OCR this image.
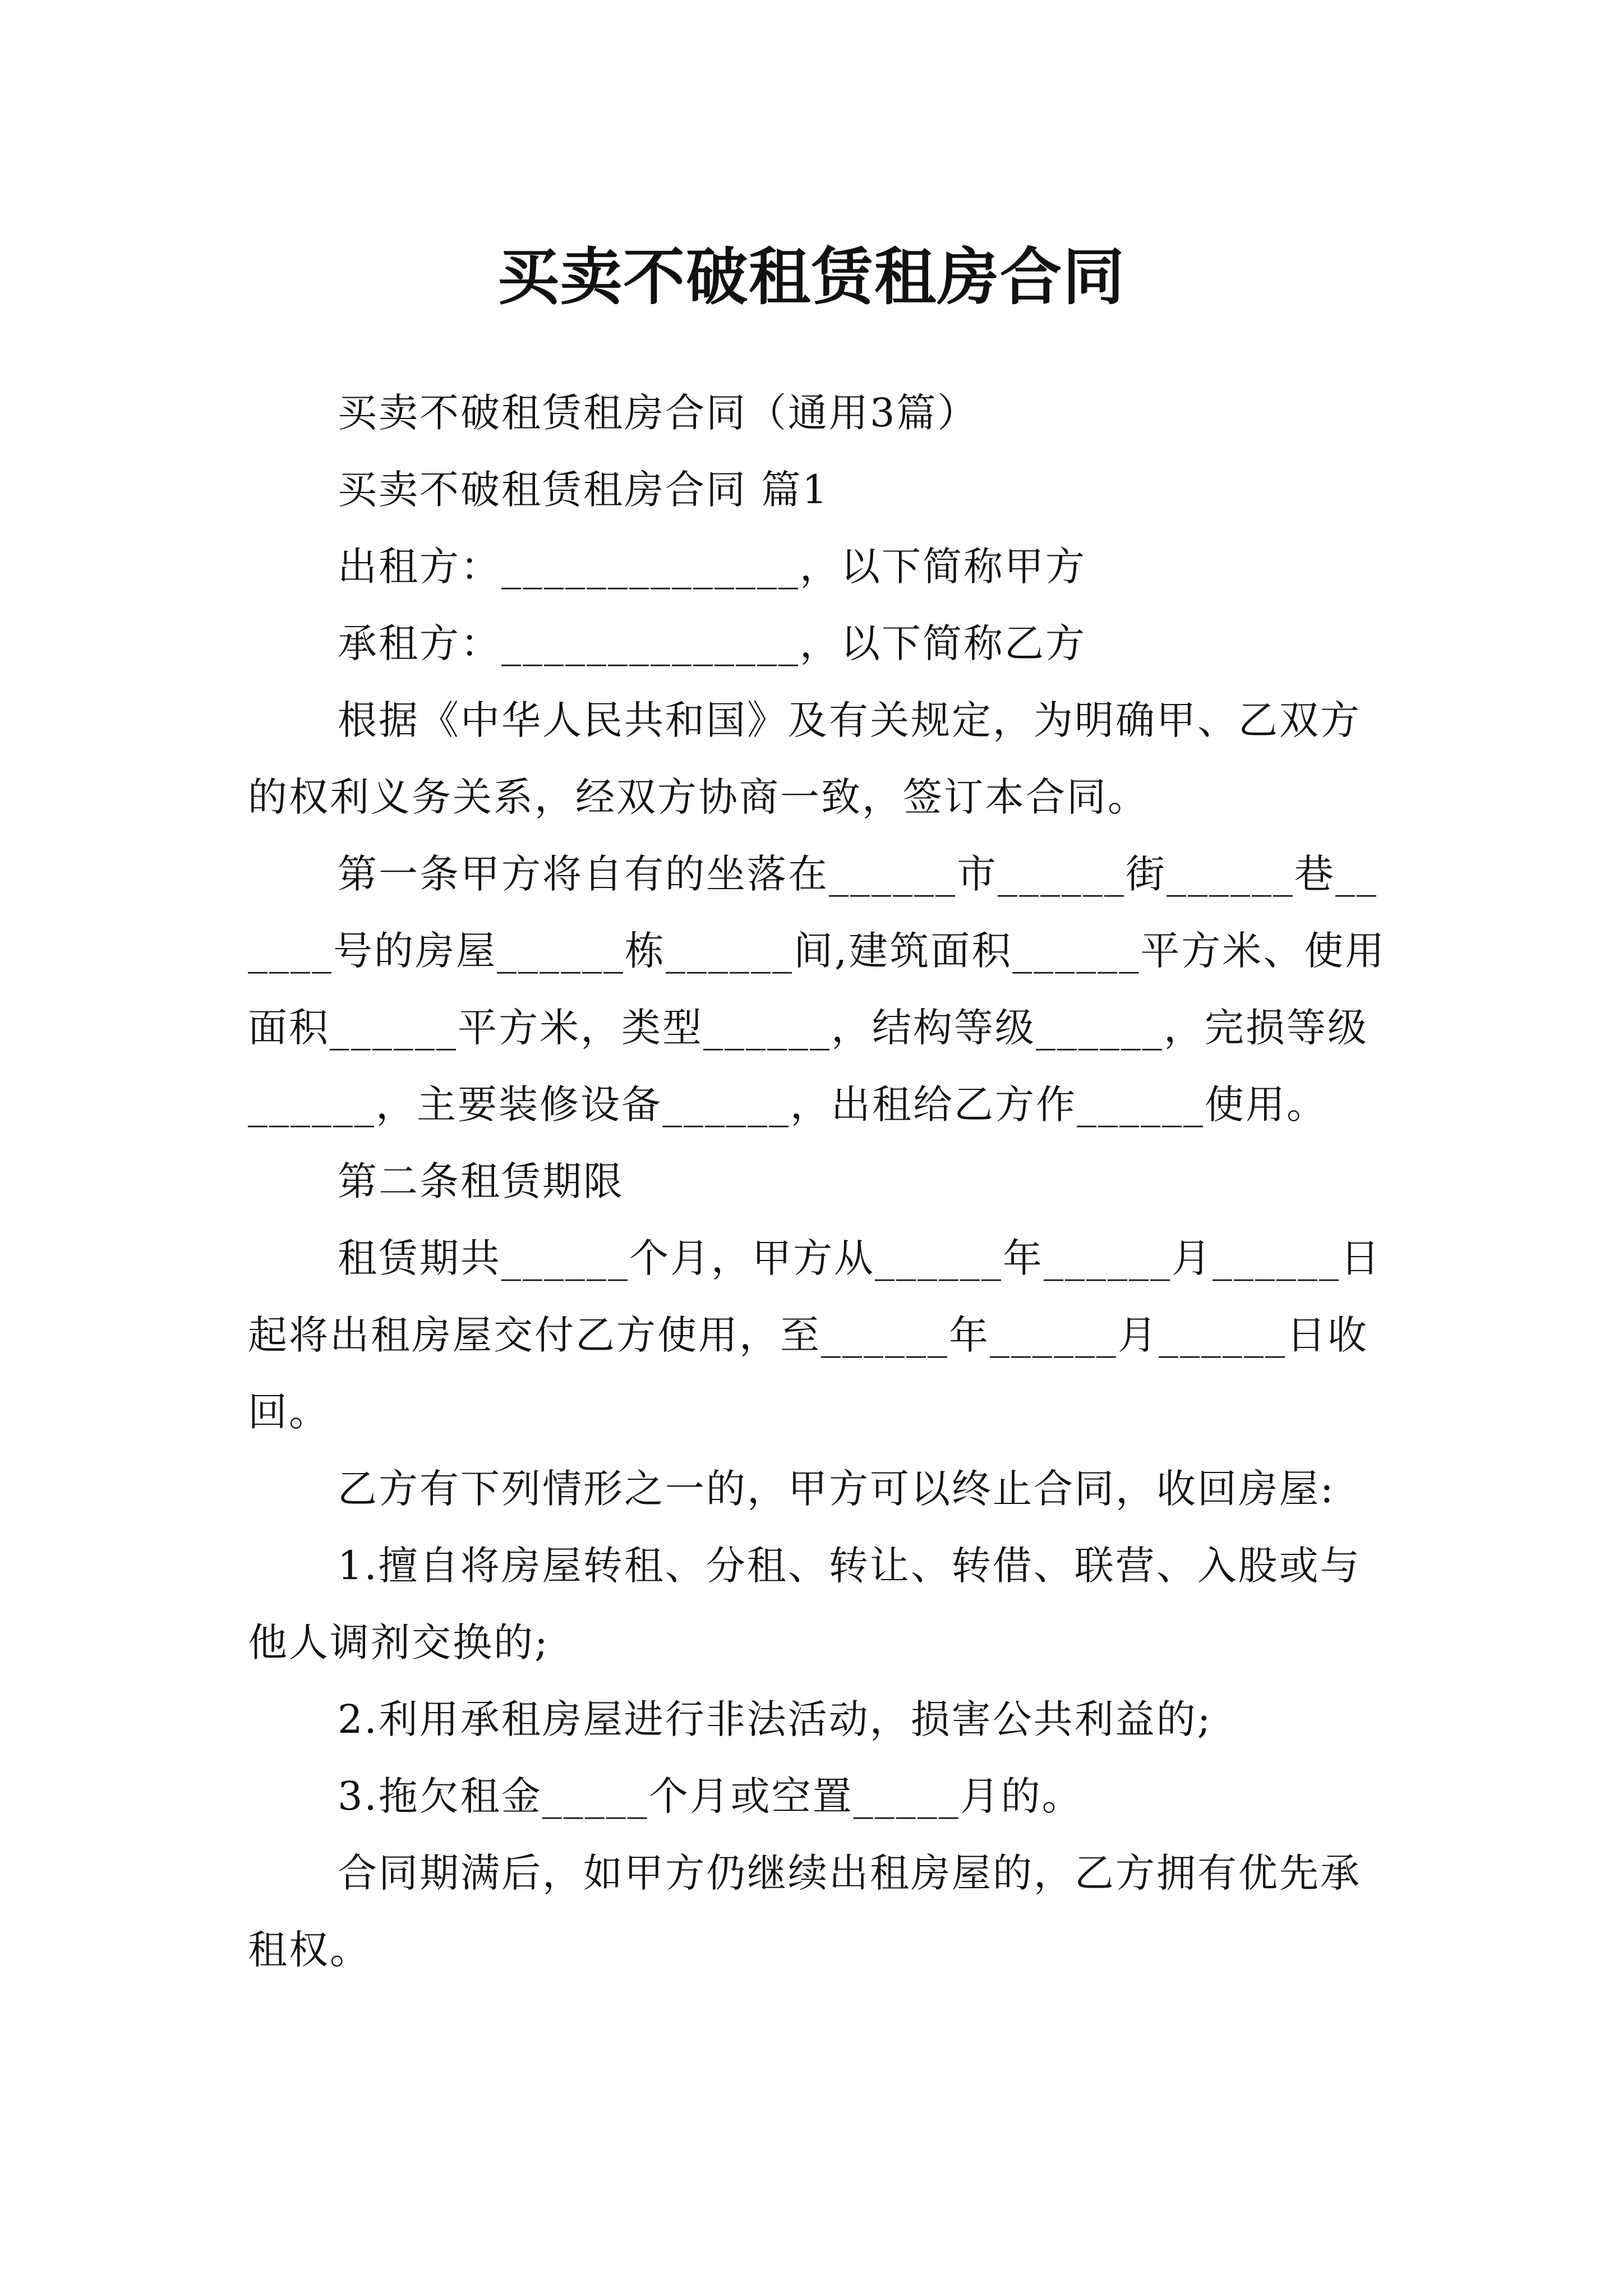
买卖不破租赁租房合同

买卖不破租赁租房合同（通用3篇）

买卖不破租赁租房合同 篇1

出租方：______________，以下简称甲方

承租方：______________，以下简称乙方

根据《中华人民共和国》及有关规定，为明确甲、乙双方的权利义务关系，经双方协商一致，签订本合同。

第一条甲方将自有的坐落在______市______街______巷______号的房屋______栋______间,建筑面积______平方米、使用面积______平方米，类型______，结构等级______，完损等级______，主要装修设备______，出租给乙方作______使用。

第二条租赁期限

租赁期共______个月，甲方从______年______月______日起将出租房屋交付乙方使用，至______年______月______日收回。

乙方有下列情形之一的，甲方可以终止合同，收回房屋:

1.擅自将房屋转租、分租、转让、转借、联营、入股或与他人调剂交换的;

2.利用承租房屋进行非法活动，损害公共利益的;

3.拖欠租金_____个月或空置_____月的。

合同期满后，如甲方仍继续出租房屋的，乙方拥有优先承租权。
